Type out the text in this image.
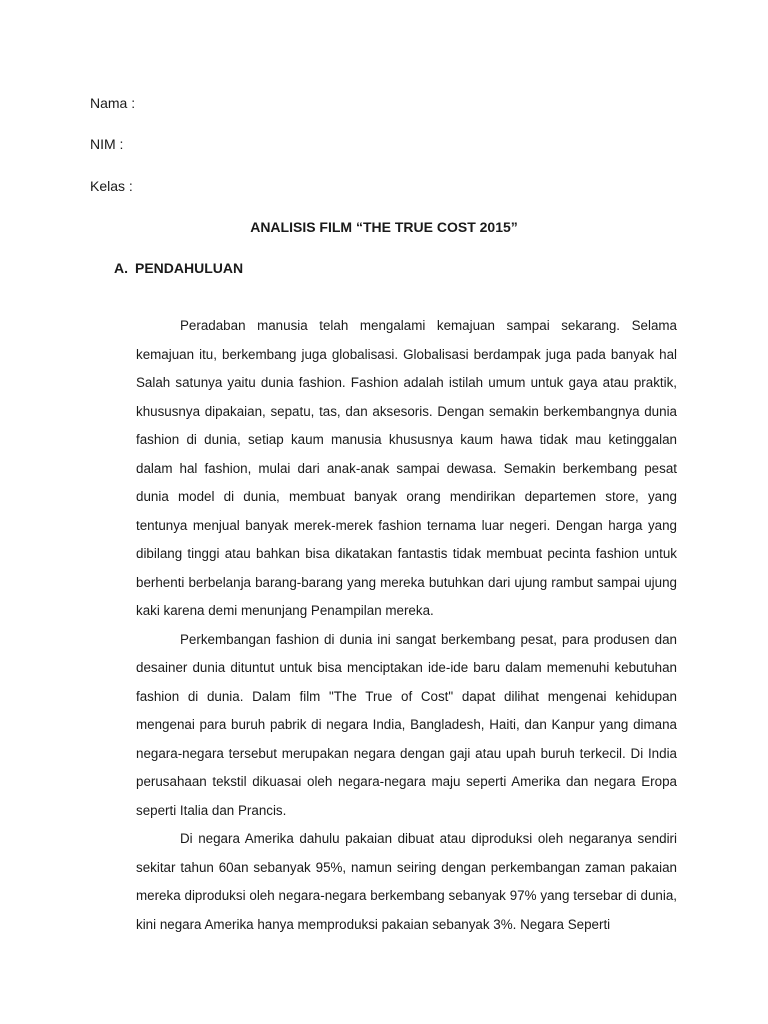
Nama :
NIM :
Kelas :
ANALISIS FILM “THE TRUE COST 2015”
A. PENDAHULUAN

Peradaban manusia telah mengalami kemajuan sampai sekarang. Selama kemajuan itu, berkembang juga globalisasi. Globalisasi berdampak juga pada banyak hal Salah satunya yaitu dunia fashion. Fashion adalah istilah umum untuk gaya atau praktik, khususnya dipakaian, sepatu, tas, dan aksesoris. Dengan semakin berkembangnya dunia fashion di dunia, setiap kaum manusia khususnya kaum hawa tidak mau ketinggalan dalam hal fashion, mulai dari anak-anak sampai dewasa. Semakin berkembang pesat dunia model di dunia, membuat banyak orang mendirikan departemen store, yang tentunya menjual banyak merek-merek fashion ternama luar negeri. Dengan harga yang dibilang tinggi atau bahkan bisa dikatakan fantastis tidak membuat pecinta fashion untuk berhenti berbelanja barang-barang yang mereka butuhkan dari ujung rambut sampai ujung kaki karena demi menunjang Penampilan mereka.

Perkembangan fashion di dunia ini sangat berkembang pesat, para produsen dan desainer dunia dituntut untuk bisa menciptakan ide-ide baru dalam memenuhi kebutuhan fashion di dunia. Dalam film "The True of Cost" dapat dilihat mengenai kehidupan mengenai para buruh pabrik di negara India, Bangladesh, Haiti, dan Kanpur yang dimana negara-negara tersebut merupakan negara dengan gaji atau upah buruh terkecil. Di India perusahaan tekstil dikuasai oleh negara-negara maju seperti Amerika dan negara Eropa seperti Italia dan Prancis.

Di negara Amerika dahulu pakaian dibuat atau diproduksi oleh negaranya sendiri sekitar tahun 60an sebanyak 95%, namun seiring dengan perkembangan zaman pakaian mereka diproduksi oleh negara-negara berkembang sebanyak 97% yang tersebar di dunia, kini negara Amerika hanya memproduksi pakaian sebanyak 3%. Negara Seperti
